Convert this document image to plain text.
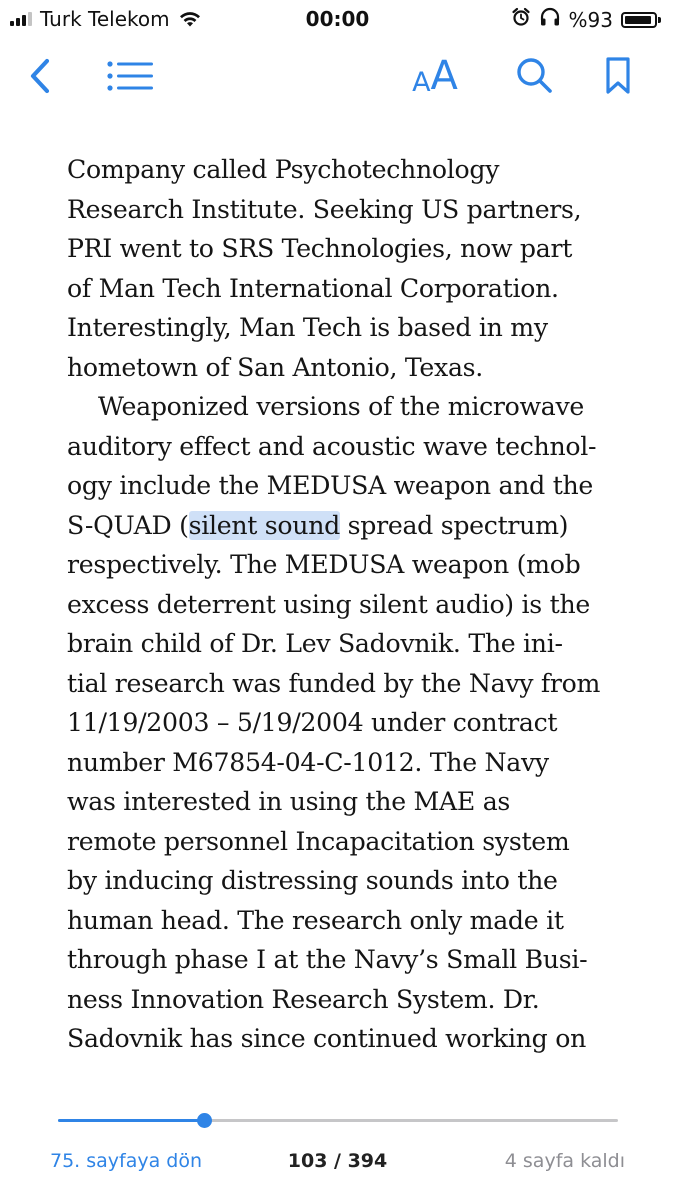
Turk Telekom	00:00	%93
A A
Company called Psychotechnology
Research Institute. Seeking US partners,
PRI went to SRS Technologies, now part
of Man Tech International Corporation.
Interestingly, Man Tech is based in my
hometown of San Antonio, Texas.
Weaponized versions of the microwave
auditory effect and acoustic wave technol-
ogy include the MEDUSA weapon and the
S-QUAD (silent sound spread spectrum)
respectively. The MEDUSA weapon (mob
excess deterrent using silent audio) is the
brain child of Dr. Lev Sadovnik. The ini-
tial research was funded by the Navy from
11/19/2003 – 5/19/2004 under contract
number M67854-04-C-1012. The Navy
was interested in using the MAE as
remote personnel Incapacitation system
by inducing distressing sounds into the
human head. The research only made it
through phase I at the Navy’s Small Busi-
ness Innovation Research System. Dr.
Sadovnik has since continued working on
75. sayfaya dön	103 / 394	4 sayfa kaldı
